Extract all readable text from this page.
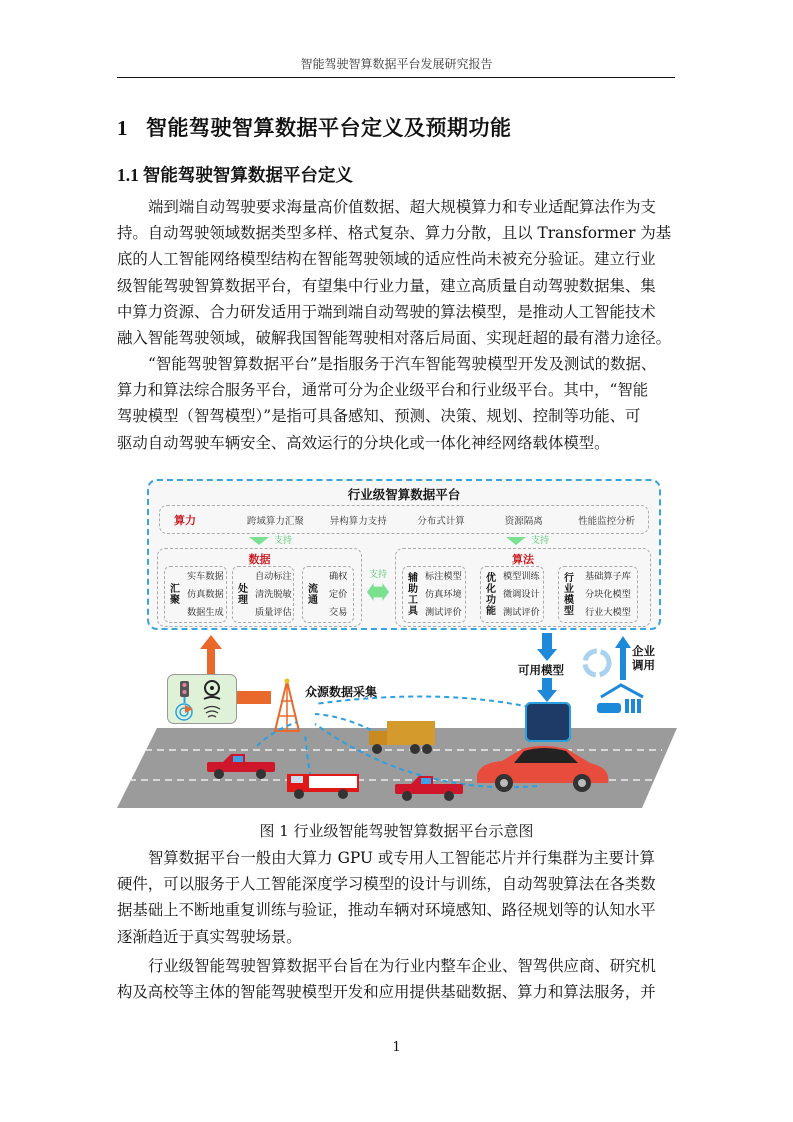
智能驾驶智算数据平台发展研究报告
1 智能驾驶智算数据平台定义及预期功能
1.1 智能驾驶智算数据平台定义
端到端自动驾驶要求海量高价值数据、超大规模算力和专业适配算法作为支
持。自动驾驶领域数据类型多样、格式复杂、算力分散，且以 Transformer 为基
底的人工智能网络模型结构在智能驾驶领域的适应性尚未被充分验证。建立行业
级智能驾驶智算数据平台，有望集中行业力量，建立高质量自动驾驶数据集、集
中算力资源、合力研发适用于端到端自动驾驶的算法模型，是推动人工智能技术
融入智能驾驶领域，破解我国智能驾驶相对落后局面、实现赶超的最有潜力途径。
“智能驾驶智算数据平台”是指服务于汽车智能驾驶模型开发及测试的数据、
算力和算法综合服务平台，通常可分为企业级平台和行业级平台。其中，“智能
驾驶模型（智驾模型）”是指可具备感知、预测、决策、规划、控制等功能、可
驱动自动驾驶车辆安全、高效运行的分块化或一体化神经网络载体模型。
行业级智算数据平台
算力	跨域算力汇聚	异构算力支持	分布式计算	资源隔离	性能监控分析
支持	支持
数据
汇聚
实车数据
仿真数据
数据生成
处理
自动标注
清洗脱敏
质量评估
流通
确权
定价
交易
支持
算法
辅助工具
标注模型
仿真环境
测试评价
优化功能
模型训练
微调设计
测试评价
行业模型
基础算子库
分块化模型
行业大模型
众源数据采集
可用模型
企业
调用
图 1 行业级智能驾驶智算数据平台示意图
智算数据平台一般由大算力 GPU 或专用人工智能芯片并行集群为主要计算
硬件，可以服务于人工智能深度学习模型的设计与训练，自动驾驶算法在各类数
据基础上不断地重复训练与验证，推动车辆对环境感知、路径规划等的认知水平
逐渐趋近于真实驾驶场景。
行业级智能驾驶智算数据平台旨在为行业内整车企业、智驾供应商、研究机
构及高校等主体的智能驾驶模型开发和应用提供基础数据、算力和算法服务，并
1
